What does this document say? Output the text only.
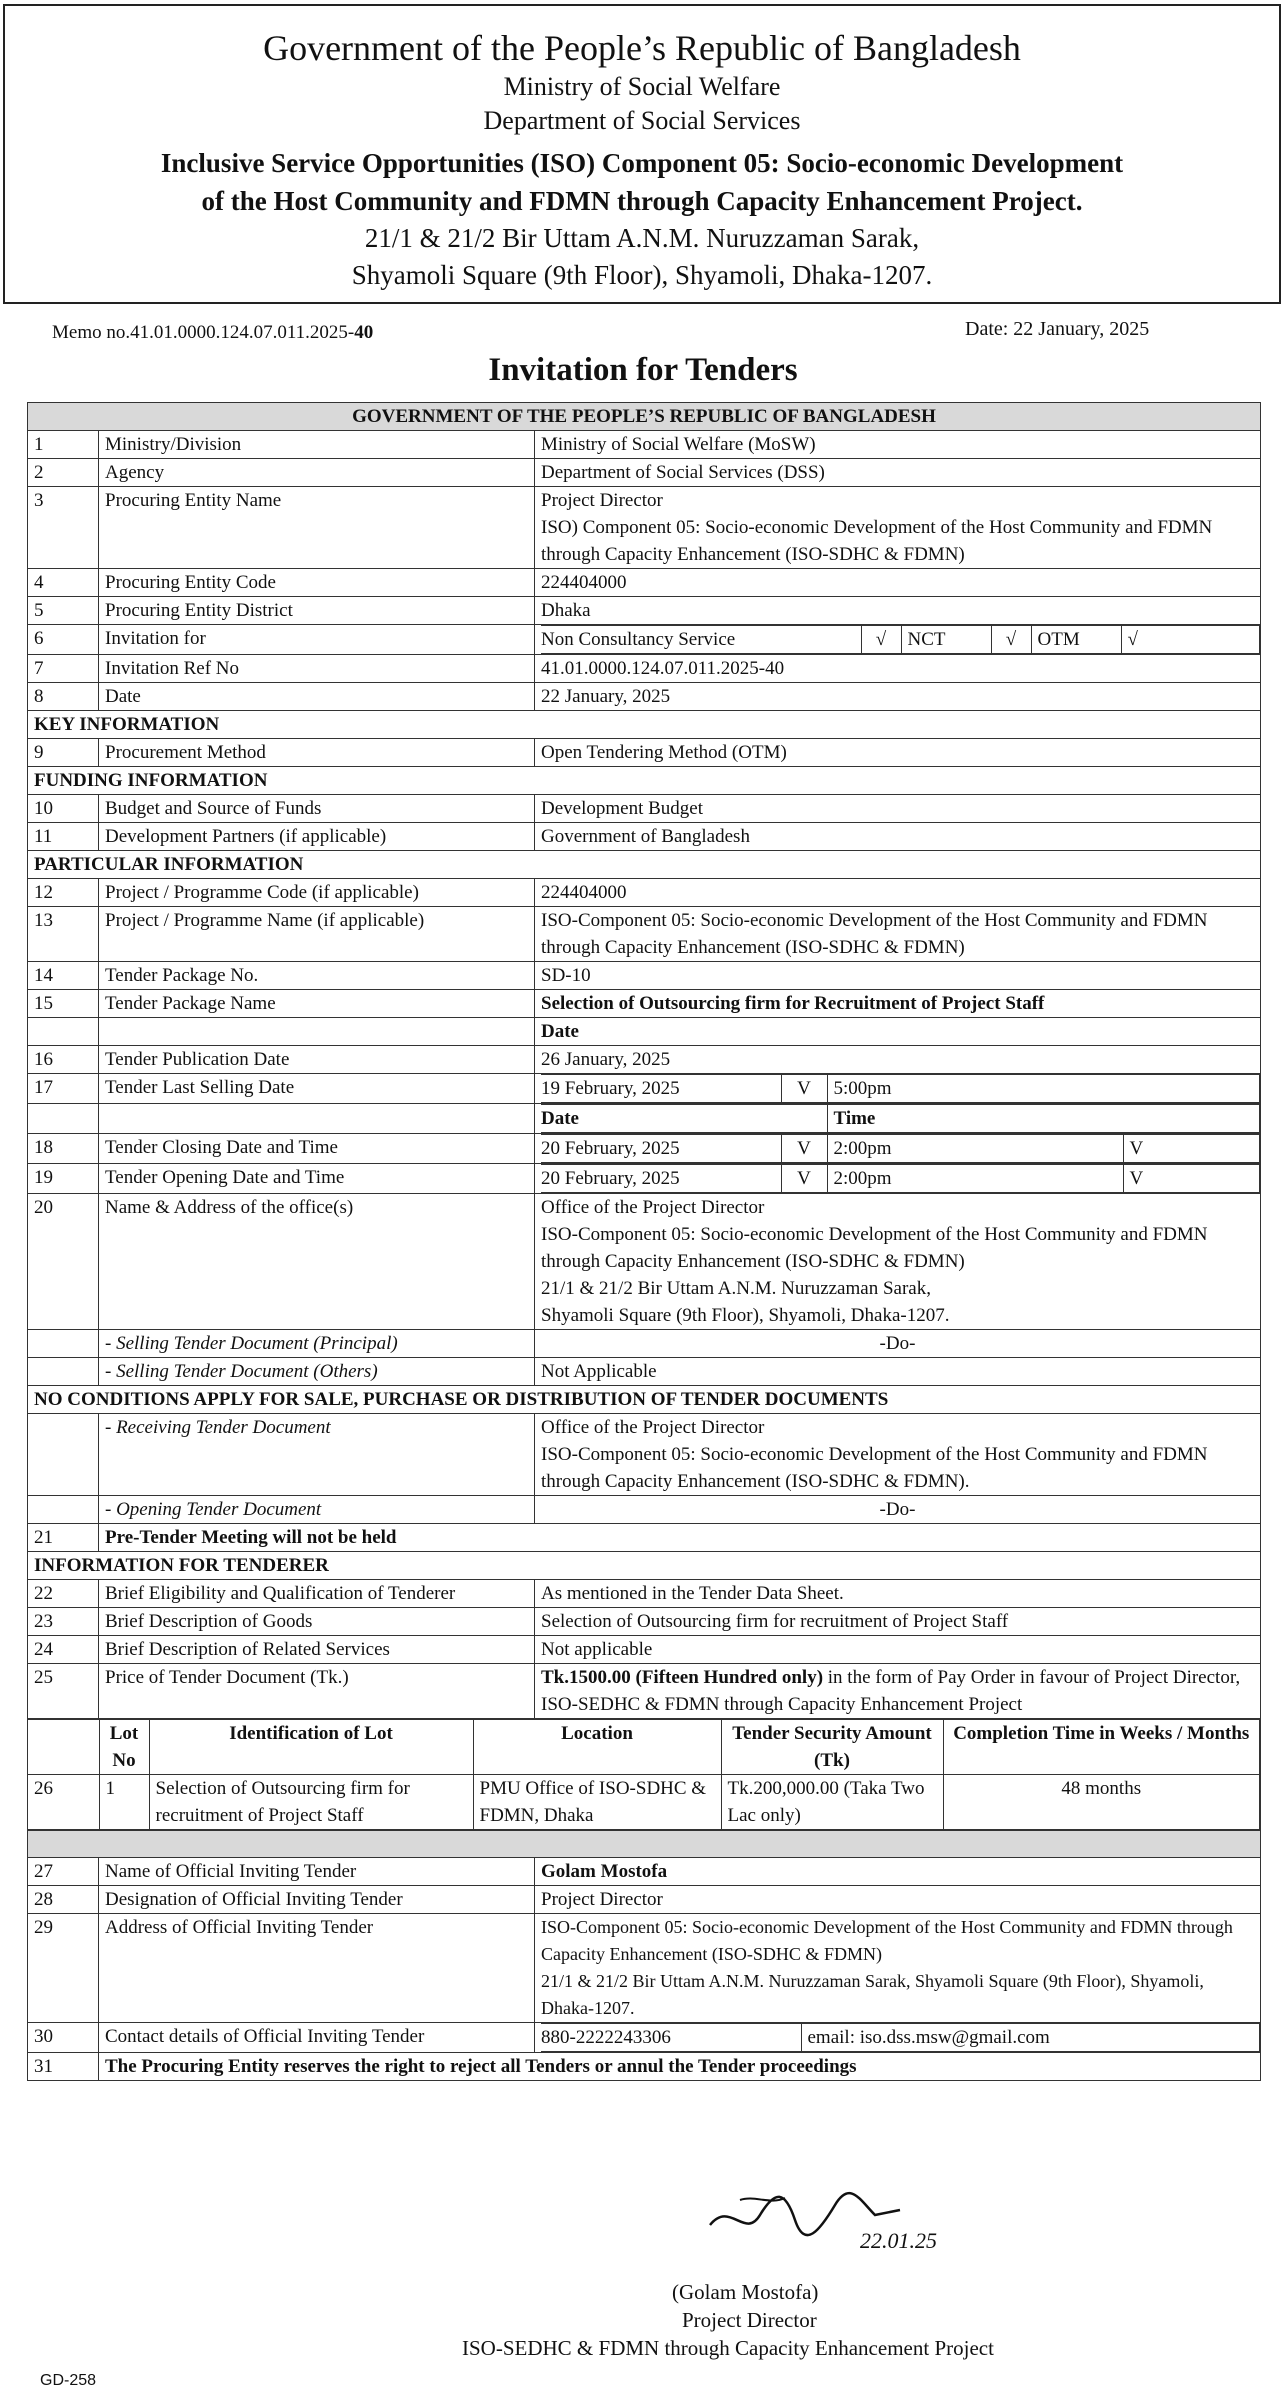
Government of the People’s Republic of Bangladesh
Ministry of Social Welfare
Department of Social Services
Inclusive Service Opportunities (ISO) Component 05: Socio-economic Development
of the Host Community and FDMN through Capacity Enhancement Project.
21/1 & 21/2 Bir Uttam A.N.M. Nuruzzaman Sarak,
Shyamoli Square (9th Floor), Shyamoli, Dhaka-1207.
Memo no.41.01.0000.124.07.011.2025-40	Date: 22 January, 2025
Invitation for Tenders
GOVERNMENT OF THE PEOPLE’S REPUBLIC OF BANGLADESH
1	Ministry/Division	Ministry of Social Welfare (MoSW)
2	Agency	Department of Social Services (DSS)
3	Procuring Entity Name	Project Director
ISO) Component 05: Socio-economic Development of the Host Community and FDMN through Capacity Enhancement (ISO-SDHC & FDMN)

4	Procuring Entity Code	224404000
5	Procuring Entity District	Dhaka
6	Invitation for		Non Consultancy Service	√	NCT	√	OTM	√

7	Invitation Ref No	41.01.0000.124.07.011.2025-40
8	Date	22 January, 2025
KEY INFORMATION
9	Procurement Method	Open Tendering Method (OTM)
FUNDING INFORMATION
10	Budget and Source of Funds	Development Budget
11	Development Partners (if applicable)	Government of Bangladesh
PARTICULAR INFORMATION
12	Project / Programme Code (if applicable)	224404000
13	Project / Programme Name (if applicable)	ISO-Component 05: Socio-economic Development of the Host Community and FDMN through Capacity Enhancement (ISO-SDHC & FDMN)
14	Tender Package No.	SD-10
15	Tender Package Name	Selection of Outsourcing firm for Recruitment of Project Staff
		Date
16	Tender Publication Date	26 January, 2025
17	Tender Last Selling Date		19 February, 2025	V	5:00pm

Date	Time

18	Tender Closing Date and Time		20 February, 2025	V	2:00pm	V

19	Tender Opening Date and Time		20 February, 2025	V	2:00pm	V

20	Name & Address of the office(s)	Office of the Project Director
ISO-Component 05: Socio-economic Development of the Host Community and FDMN through Capacity Enhancement (ISO-SDHC & FDMN)
21/1 & 21/2 Bir Uttam A.N.M. Nuruzzaman Sarak,
Shyamoli Square (9th Floor), Shyamoli, Dhaka-1207.

	- Selling Tender Document (Principal)	-Do-
	- Selling Tender Document (Others)	Not Applicable
NO CONDITIONS APPLY FOR SALE, PURCHASE OR DISTRIBUTION OF TENDER DOCUMENTS
	- Receiving Tender Document	Office of the Project Director
ISO-Component 05: Socio-economic Development of the Host Community and FDMN through Capacity Enhancement (ISO-SDHC & FDMN).

	- Opening Tender Document	-Do-
21	Pre-Tender Meeting will not be held
INFORMATION FOR TENDERER
22	Brief Eligibility and Qualification of Tenderer	As mentioned in the Tender Data Sheet.
23	Brief Description of Goods	Selection of Outsourcing firm for recruitment of Project Staff
24	Brief Description of Related Services	Not applicable
25	Price of Tender Document (Tk.)	Tk.1500.00 (Fifteen Hundred only) in the form of Pay Order in favour of Project Director, ISO-SEDHC & FDMN through Capacity Enhancement Project

	Lot No	Identification of Lot	Location	Tender Security Amount (Tk)	Completion Time in Weeks / Months
26	1	Selection of Outsourcing firm for recruitment of Project Staff	PMU Office of ISO-SDHC & FDMN, Dhaka	Tk.200,000.00 (Taka Two Lac only)	48 months

27	Name of Official Inviting Tender	Golam Mostofa
28	Designation of Official Inviting Tender	Project Director
29	Address of Official Inviting Tender	ISO-Component 05: Socio-economic Development of the Host Community and FDMN through Capacity Enhancement (ISO-SDHC & FDMN)
21/1 & 21/2 Bir Uttam A.N.M. Nuruzzaman Sarak, Shyamoli Square (9th Floor), Shyamoli, Dhaka-1207.

30	Contact details of Official Inviting Tender		880-2222243306	email: iso.dss.msw@gmail.com

31	The Procuring Entity reserves the right to reject all Tenders or annul the Tender proceedings
22.01.25
(Golam Mostofa)
Project Director
ISO-SEDHC & FDMN through Capacity Enhancement Project
GD-258
